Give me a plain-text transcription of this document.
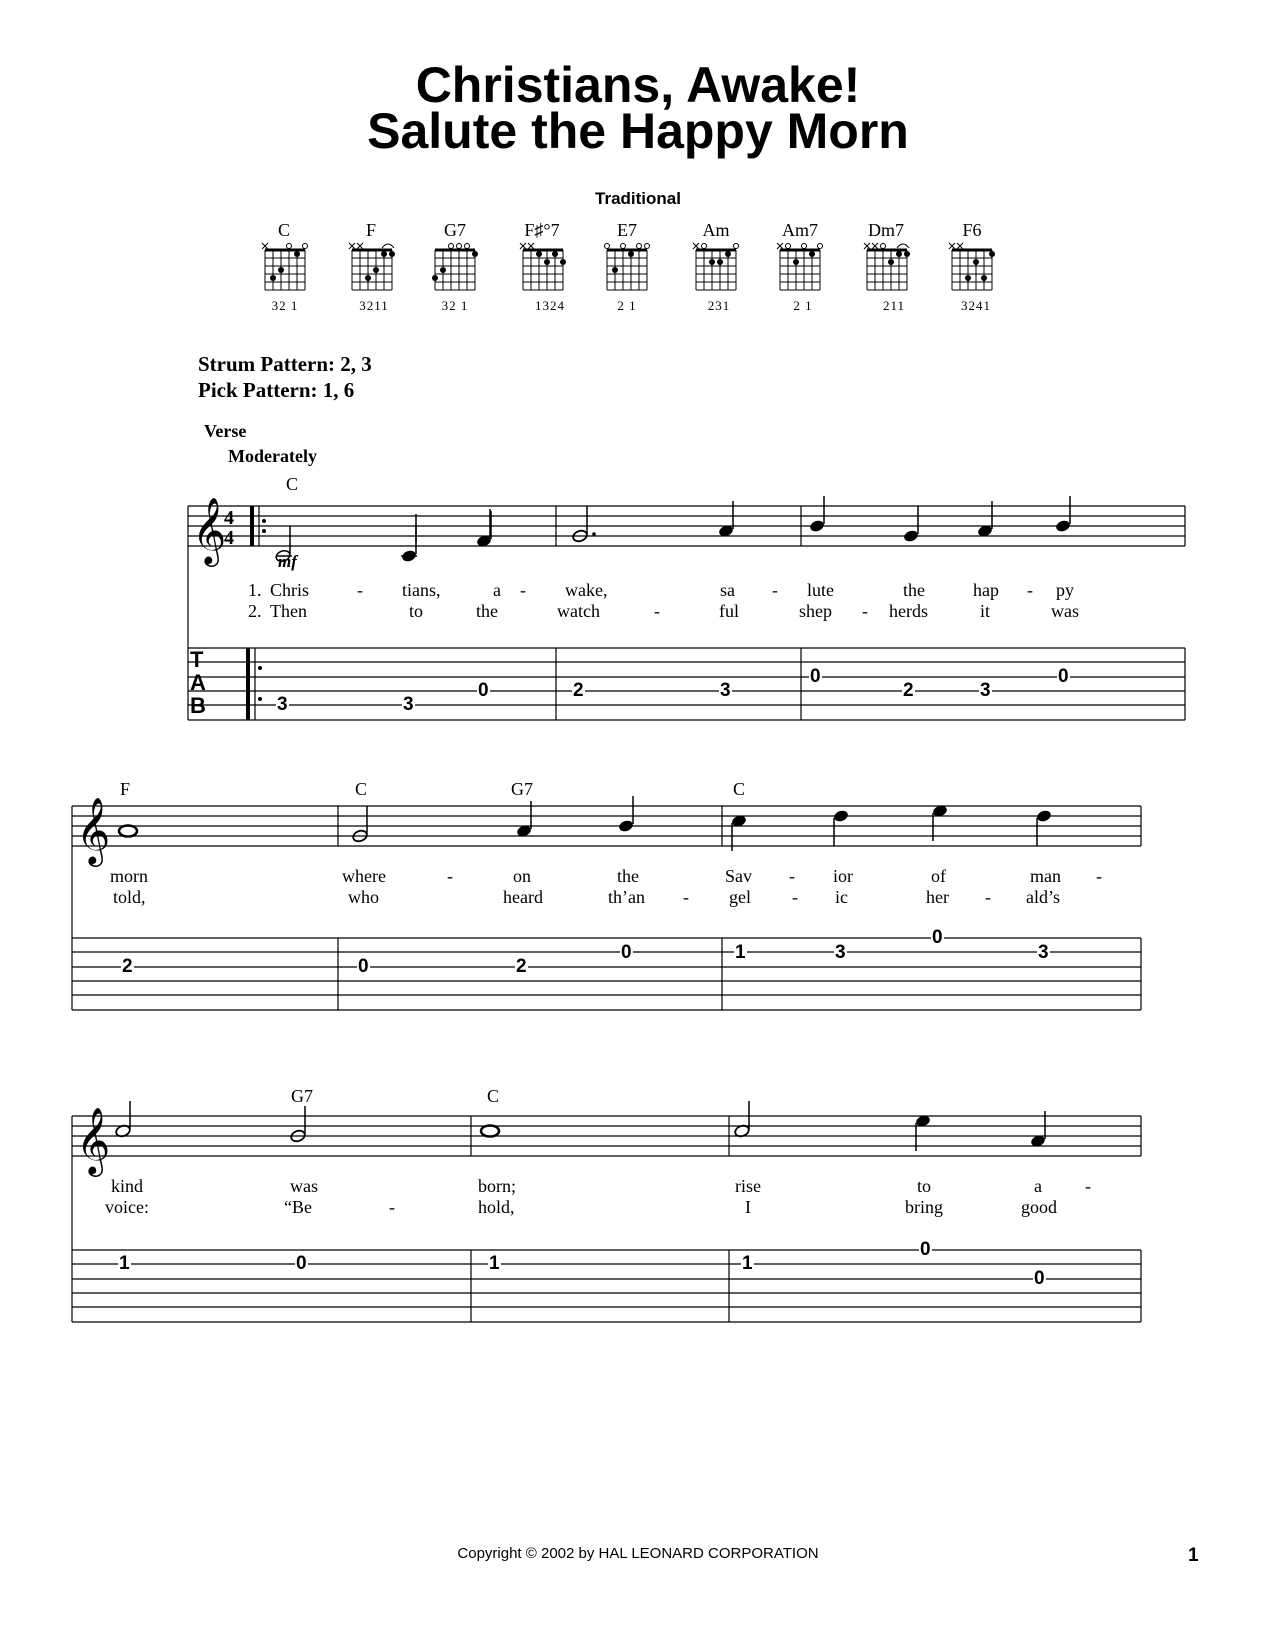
Christians, Awake!
Salute the Happy Morn
Traditional
C
32 1
F
3211
G7
32 1
F♯°7
1324
E7
2 1
Am
231
Am7
2 1
Dm7
211
F6
3241
Strum Pattern: 2, 3
Pick Pattern: 1, 6
Verse
Moderately
C
𝄞
4
4
T
A
B
mf
1. Chris	- tians,	a - wake,	sa - lute	the	hap - py
2. Then	to	the	watch	-	ful	shep - herds	it	was
3	3
0	2	3
0
2	3
0
F	C	G7	C
𝄞
morn	where	-	on	the	Sav - ior	of	man -
told,	who	heard	th’an - gel - ic	her - ald’s
2	0	2
0	1	3
0
3
G7	C
𝄞
kind	was	born;	rise	to	a -
voice:	“Be	-	hold,	I	bring	good
1	0	1	1
0
0
Copyright © 2002 by HAL LEONARD CORPORATION	1
